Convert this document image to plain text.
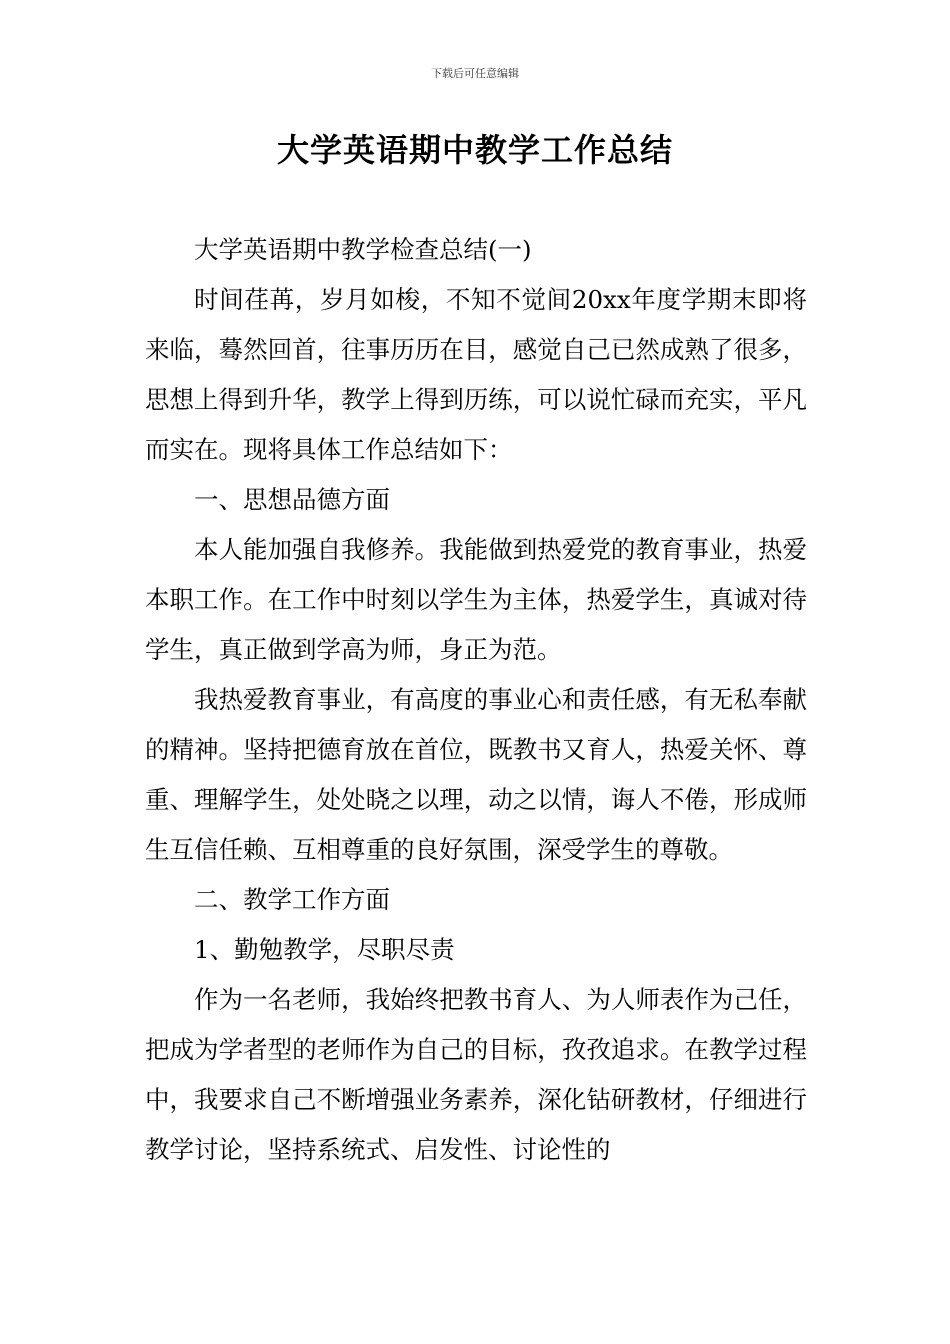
下载后可任意编辑
大学英语期中教学工作总结

大学英语期中教学检查总结(一)

时间荏苒，岁月如梭，不知不觉间20xx年度学期末即将来临，蓦然回首，往事历历在目，感觉自己已然成熟了很多，思想上得到升华，教学上得到历练，可以说忙碌而充实，平凡而实在。现将具体工作总结如下：

一、思想品德方面

本人能加强自我修养。我能做到热爱党的教育事业，热爱本职工作。在工作中时刻以学生为主体，热爱学生，真诚对待学生，真正做到学高为师，身正为范。

我热爱教育事业，有高度的事业心和责任感，有无私奉献的精神。坚持把德育放在首位，既教书又育人，热爱关怀、尊重、理解学生，处处晓之以理，动之以情，诲人不倦，形成师生互信任赖、互相尊重的良好氛围，深受学生的尊敬。

二、教学工作方面

1、勤勉教学，尽职尽责

作为一名老师，我始终把教书育人、为人师表作为己任，把成为学者型的老师作为自己的目标，孜孜追求。在教学过程中，我要求自己不断增强业务素养，深化钻研教材，仔细进行教学讨论，坚持系统式、启发性、讨论性的
